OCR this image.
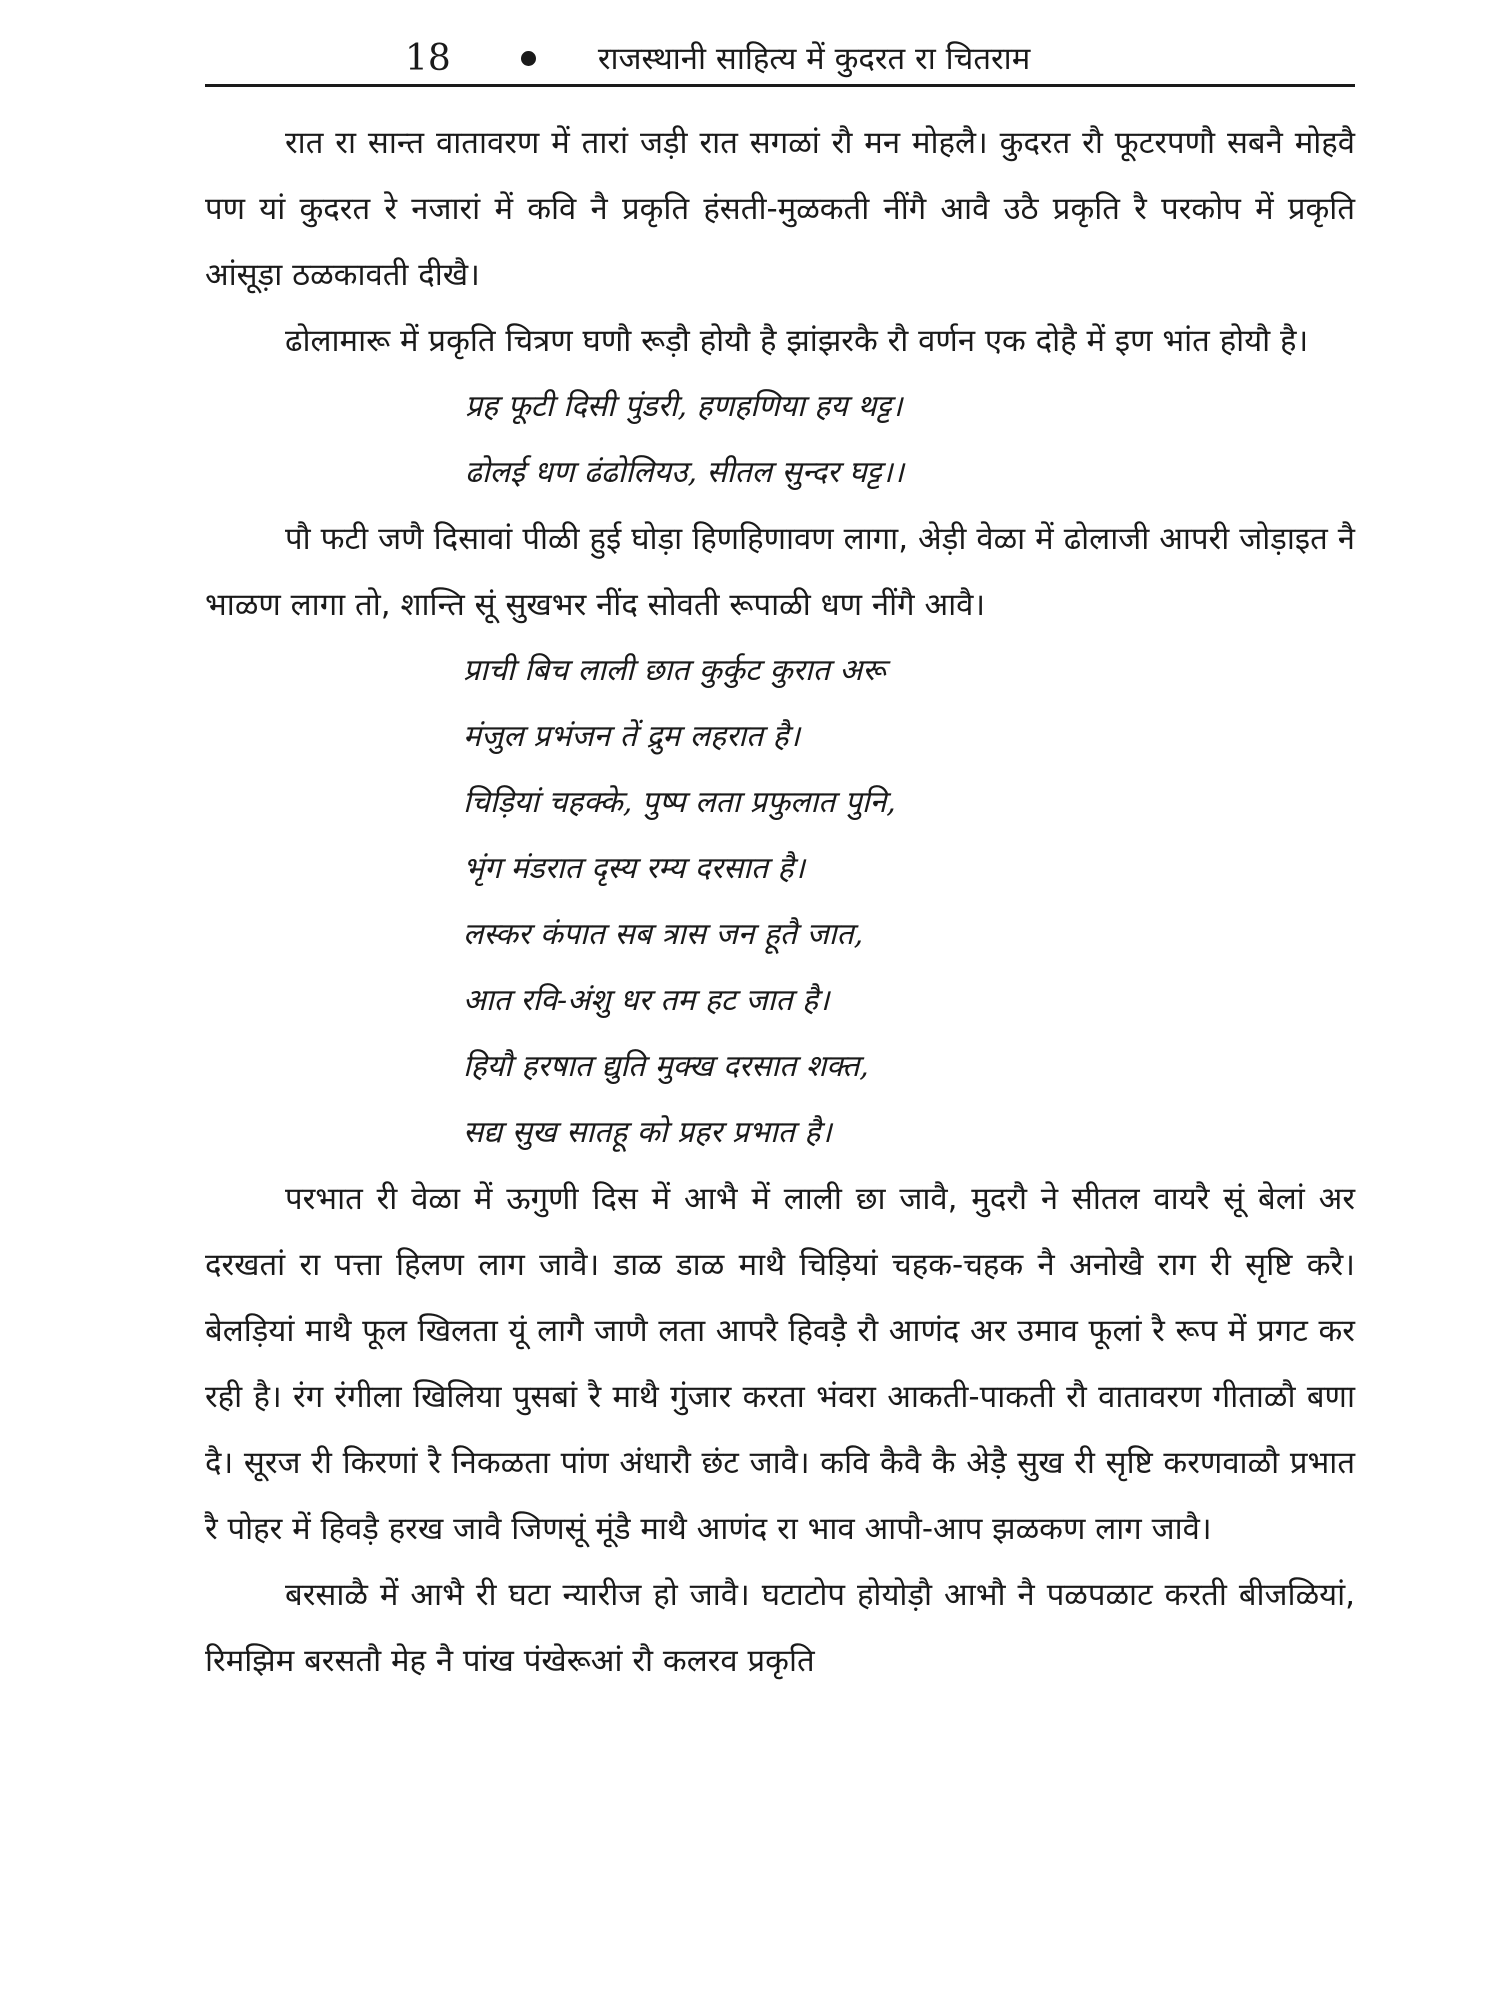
18	राजस्थानी साहित्य में कुदरत रा चितराम

रात रा सान्त वातावरण में तारां जड़ी रात सगळां रौ मन मोहलै। कुदरत रौ फूटरपणौ सबनै मोहवै पण यां कुदरत रे नजारां में कवि नै प्रकृति हंसती-मुळकती नींगै आवै उठै प्रकृति रै परकोप में प्रकृति आंसूड़ा ठळकावती दीखै।

ढोलामारू में प्रकृति चित्रण घणौ रूड़ौ होयौ है झांझरकै रौ वर्णन एक दोहै में इण भांत होयौ है।

प्रह फूटी दिसी पुंडरी, हणहणिया हय थट्ट।

ढोलई धण ढंढोलियउ, सीतल सुन्दर घट्ट।।

पौ फटी जणै दिसावां पीळी हुई घोड़ा हिणहिणावण लागा, अेड़ी वेळा में ढोलाजी आपरी जोड़ाइत नै भाळण लागा तो, शान्ति सूं सुखभर नींद सोवती रूपाळी धण नींगै आवै।

प्राची बिच लाली छात कुर्कुट कुरात अरू

मंजुल प्रभंजन तें द्रुम लहरात है।

चिड़ियां चहक्के, पुष्प लता प्रफुलात पुनि,

भृंग मंडरात दृस्य रम्य दरसात है।

लस्कर कंपात सब त्रास जन हूतै जात,

आत रवि-अंशु धर तम हट जात है।

हियौ हरषात द्युति मुक्ख दरसात शक्त,

सद्य सुख सातहू को प्रहर प्रभात है।

परभात री वेळा में ऊगुणी दिस में आभै में लाली छा जावै, मुदरौ ने सीतल वायरै सूं बेलां अर दरखतां रा पत्ता हिलण लाग जावै। डाळ डाळ माथै चिड़ियां चहक-चहक नै अनोखै राग री सृष्टि करै। बेलड़ियां माथै फूल खिलता यूं लागै जाणै लता आपरै हिवड़ै रौ आणंद अर उमाव फूलां रै रूप में प्रगट कर रही है। रंग रंगीला खिलिया पुसबां रै माथै गुंजार करता भंवरा आकती-पाकती रौ वातावरण गीताळौ बणा दै। सूरज री किरणां रै निकळता पांण अंधारौ छंट जावै। कवि कैवै कै अेड़ै सुख री सृष्टि करणवाळौ प्रभात रै पोहर में हिवड़ै हरख जावै जिणसूं मूंडै माथै आणंद रा भाव आपौ-आप झळकण लाग जावै।

बरसाळै में आभै री घटा न्यारीज हो जावै। घटाटोप होयोड़ौ आभौ नै पळपळाट करती बीजळियां, रिमझिम बरसतौ मेह नै पांख पंखेरूआं रौ कलरव प्रकृति
